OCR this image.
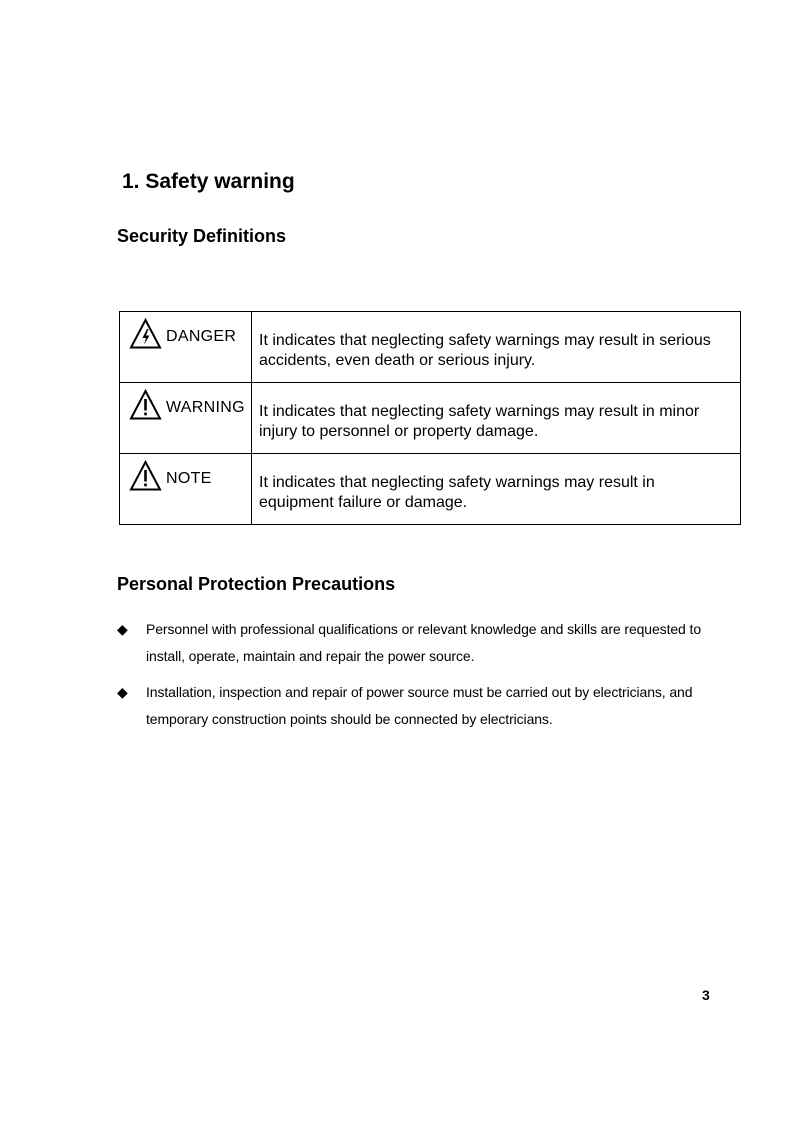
1. Safety warning
Security Definitions
DANGER	It indicates that neglecting safety warnings may result in serious accidents, even death or serious injury.

WARNING	It indicates that neglecting safety warnings may result in minor injury to personnel or property damage.

NOTE	It indicates that neglecting safety warnings may result in equipment failure or damage.
Personal Protection Precautions
◆	Personnel with professional qualifications or relevant knowledge and skills are requested to install, operate, maintain and repair the power source.
◆	Installation, inspection and repair of power source must be carried out by electricians, and temporary construction points should be connected by electricians.
3
